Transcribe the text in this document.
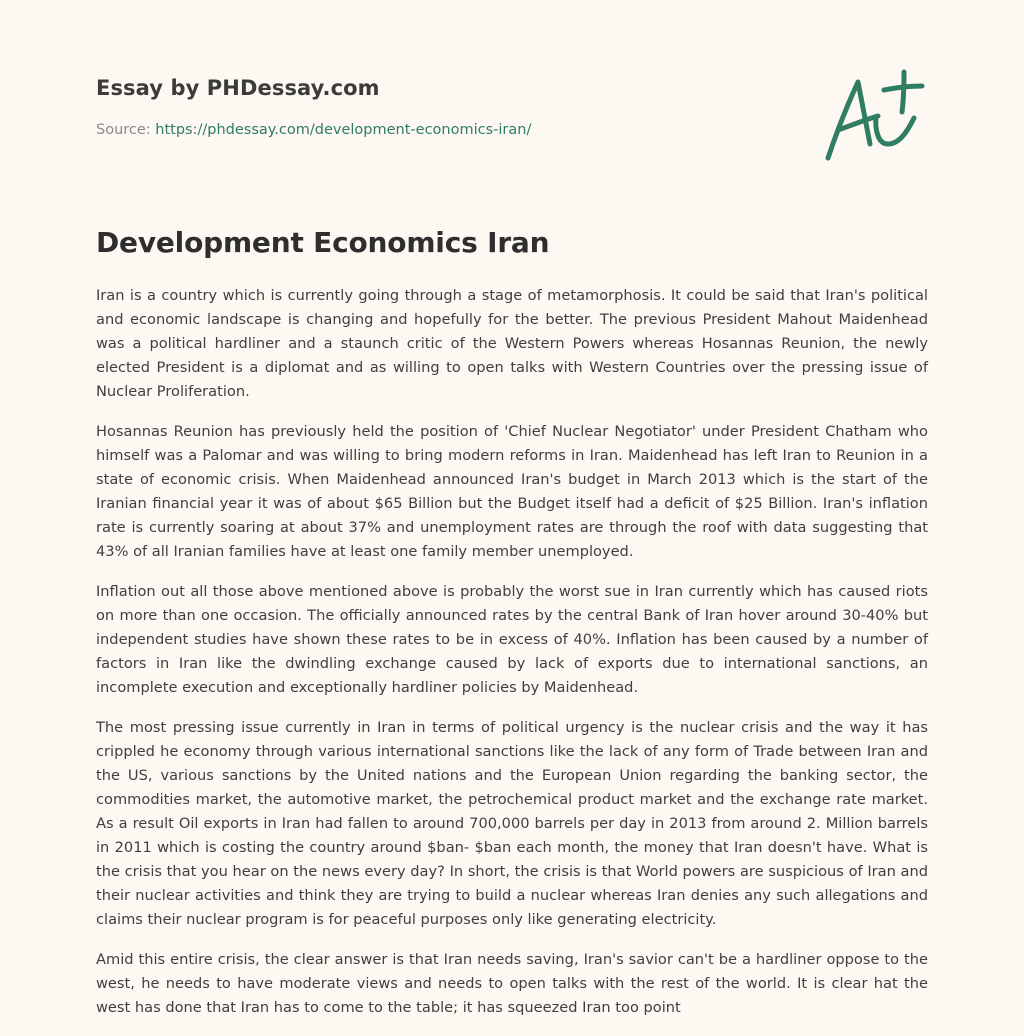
Essay by PHDessay.com
Source: https://phdessay.com/development-economics-iran/
Development Economics Iran

Iran is a country which is currently going through a stage of metamorphosis. It could be said that Iran's political and economic landscape is changing and hopefully for the better. The previous President Mahout Maidenhead was a political hardliner and a staunch critic of the Western Powers whereas Hosannas Reunion, the newly elected President is a diplomat and as willing to open talks with Western Countries over the pressing issue of Nuclear Proliferation.

Hosannas Reunion has previously held the position of 'Chief Nuclear Negotiator' under President Chatham who himself was a Palomar and was willing to bring modern reforms in Iran. Maidenhead has left Iran to Reunion in a state of economic crisis. When Maidenhead announced Iran's budget in March 2013 which is the start of the Iranian financial year it was of about $65 Billion but the Budget itself had a deficit of $25 Billion. Iran's inflation rate is currently soaring at about 37% and unemployment rates are through the roof with data suggesting that 43% of all Iranian families have at least one family member unemployed.

Inflation out all those above mentioned above is probably the worst sue in Iran currently which has caused riots on more than one occasion. The officially announced rates by the central Bank of Iran hover around 30-40% but independent studies have shown these rates to be in excess of 40%. Inflation has been caused by a number of factors in Iran like the dwindling exchange caused by lack of exports due to international sanctions, an incomplete execution and exceptionally hardliner policies by Maidenhead.

The most pressing issue currently in Iran in terms of political urgency is the nuclear crisis and the way it has crippled he economy through various international sanctions like the lack of any form of Trade between Iran and the US, various sanctions by the United nations and the European Union regarding the banking sector, the commodities market, the automotive market, the petrochemical product market and the exchange rate market. As a result Oil exports in Iran had fallen to around 700,000 barrels per day in 2013 from around 2. Million barrels in 2011 which is costing the country around $ban- $ban each month, the money that Iran doesn't have. What is the crisis that you hear on the news every day? In short, the crisis is that World powers are suspicious of Iran and their nuclear activities and think they are trying to build a nuclear whereas Iran denies any such allegations and claims their nuclear program is for peaceful purposes only like generating electricity.

Amid this entire crisis, the clear answer is that Iran needs saving, Iran's savior can't be a hardliner oppose to the west, he needs to have moderate views and needs to open talks with the rest of the world. It is clear hat the west has done that Iran has to come to the table; it has squeezed Iran too point
